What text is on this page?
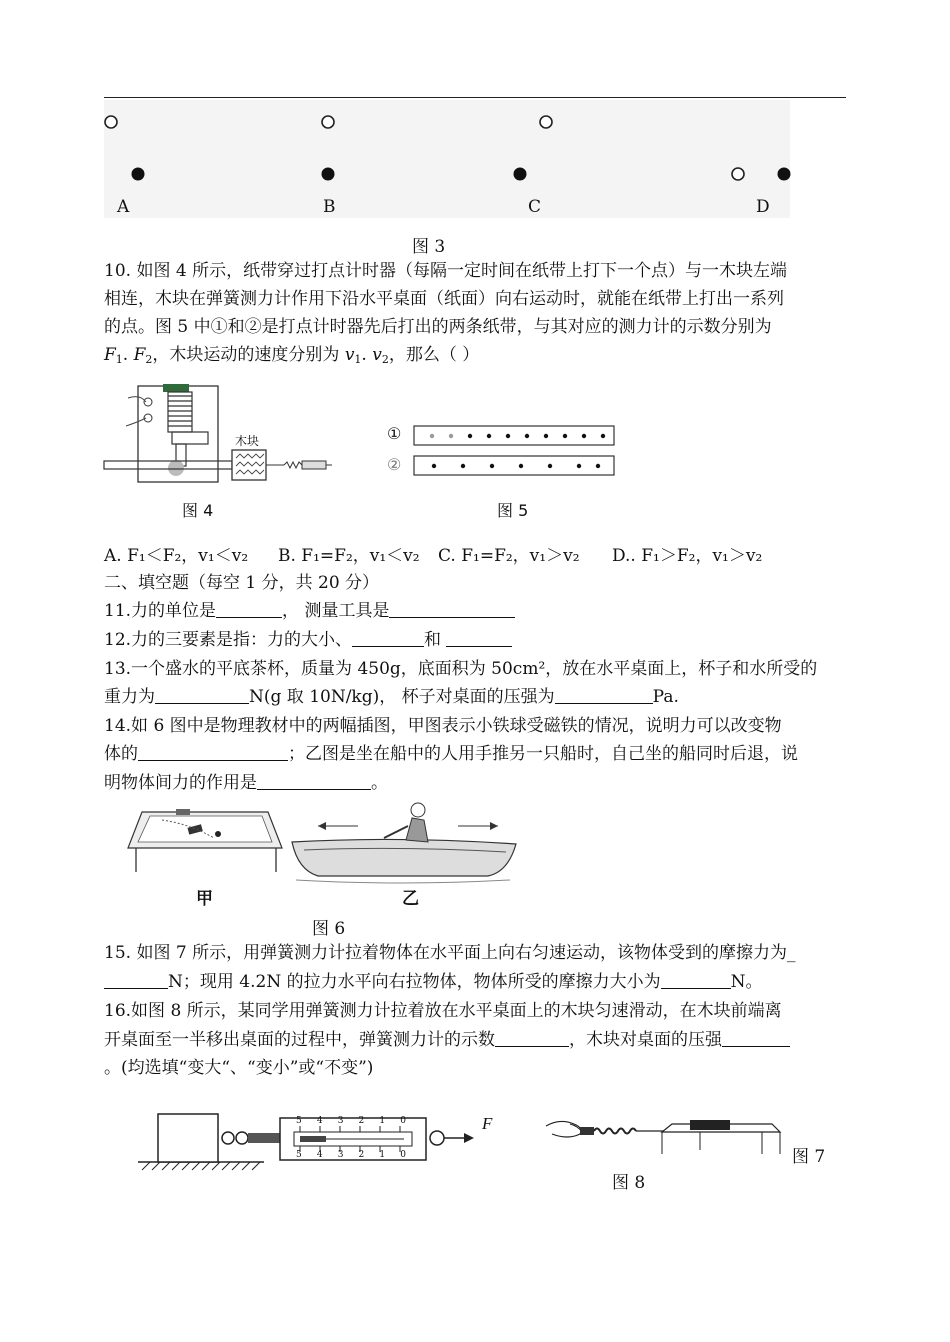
A	B	C	D
图 3
10. 如图 4 所示，纸带穿过打点计时器（每隔一定时间在纸带上打下一个点）与一木块左端
相连，木块在弹簧测力计作用下沿水平桌面（纸面）向右运动时，就能在纸带上打出一系列
的点。图 5 中①和②是打点计时器先后打出的两条纸带，与其对应的测力计的示数分别为
$F_1$. $F_2$，木块运动的速度分别为 $v_1$. $v_2$，那么（ ）
木块
图 4
①
②
图 5
A. F₁＜F₂，v₁＜v₂ B. F₁=F₂，v₁＜v₂ C. F₁=F₂，v₁＞v₂ D.. F₁＞F₂，v₁＞v₂
二、填空题（每空 1 分，共 20 分）
11.力的单位是	， 测量工具是
12.力的三要素是指：力的大小、	和
13.一个盛水的平底茶杯，质量为 450g，底面积为 50cm²，放在水平桌面上，杯子和水所受的
重力为	N(g 取 10N/kg)， 杯子对桌面的压强为	Pa.
14.如 6 图中是物理教材中的两幅插图，甲图表示小铁球受磁铁的情况，说明力可以改变物
体的	；乙图是坐在船中的人用手推另一只船时，自己坐的船同时后退，说
明物体间力的作用是	。
甲	乙
图 6
15. 如图 7 所示，用弹簧测力计拉着物体在水平面上向右匀速运动，该物体受到的摩擦力为_
N；现用 4.2N 的拉力水平向右拉物体，物体所受的摩擦力大小为	N。
16.如图 8 所示，某同学用弹簧测力计拉着放在水平桌面上的木块匀速滑动，在木块前端离
开桌面至一半移出桌面的过程中，弹簧测力计的示数	，木块对桌面的压强
。(均选填“变大“、“变小”或“不变”)
F
5 4 3 2 1 0
5 4 3 2 1 0	图 7
图 8
